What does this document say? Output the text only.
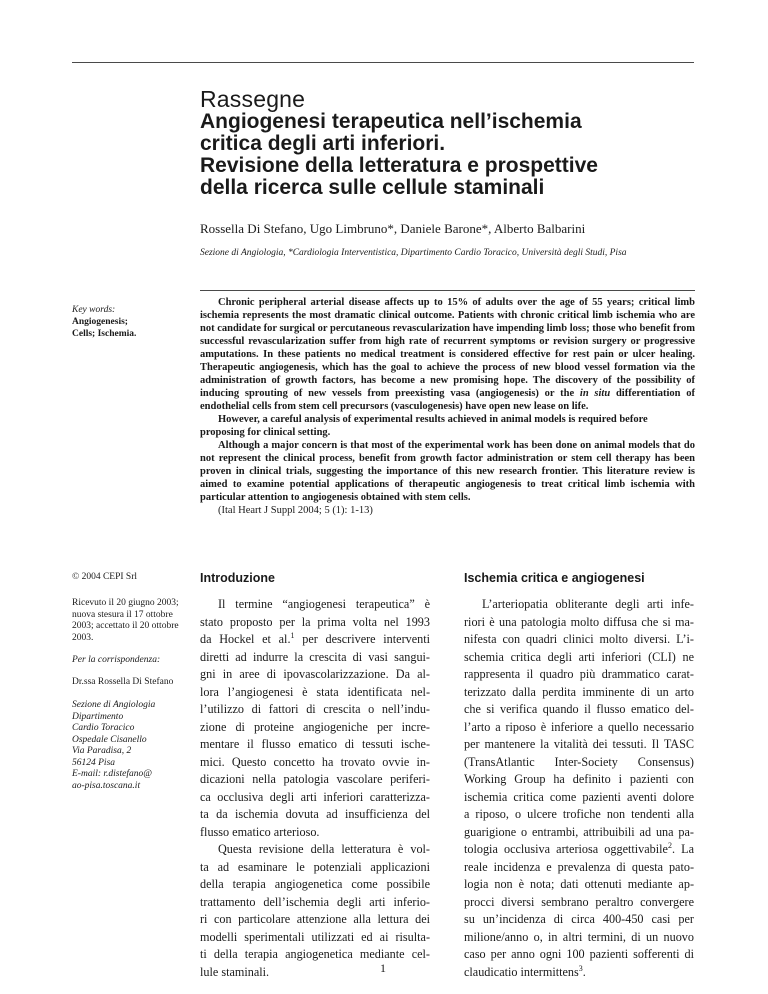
Rassegne
Angiogenesi terapeutica nell’ischemia
critica degli arti inferiori.
Revisione della letteratura e prospettive
della ricerca sulle cellule staminali
Rossella Di Stefano, Ugo Limbruno*, Daniele Barone*, Alberto Balbarini
Sezione di Angiologia, *Cardiologia Interventistica, Dipartimento Cardio Toracico, Università degli Studi, Pisa
Key words:
Angiogenesis; Cells; Ischemia.

Chronic peripheral arterial disease affects up to 15% of adults over the age of 55 years; critical limb ischemia represents the most dramatic clinical outcome. Patients with chronic critical limb ischemia who are not candidate for surgical or percutaneous revascularization have impending limb loss; those who benefit from successful revascularization suffer from high rate of recurrent symptoms or revision surgery or progressive amputations. In these patients no medical treatment is considered effective for rest pain or ulcer healing. Therapeutic angiogenesis, which has the goal to achieve the process of new blood vessel formation via the administration of growth factors, has become a new promising hope. The discovery of the possibility of inducing sprouting of new vessels from preexisting vasa (angiogenesis) or the in situ differentiation of endothelial cells from stem cell precursors (vasculogenesis) have open new lease on life.

However, a careful analysis of experimental results achieved in animal models is required before proposing for clinical setting.

Although a major concern is that most of the experimental work has been done on animal models that do not represent the clinical process, benefit from growth factor administration or stem cell therapy has been proven in clinical trials, suggesting the importance of this new research frontier. This literature review is aimed to examine potential applications of therapeutic angiogenesis to treat critical limb ischemia with particular attention to angiogenesis obtained with stem cells.

(Ital Heart J Suppl 2004; 5 (1): 1-13)

© 2004 CEPI Srl
Ricevuto il 20 giugno 2003; nuova stesura il 17 ottobre 2003; accettato il 20 ottobre 2003.
Per la corrispondenza:
Dr.ssa Rossella Di Stefano
Sezione di Angiologia
Dipartimento
Cardio Toracico
Ospedale Cisanello
Via Paradisa, 2
56124 Pisa
E-mail: r.distefano@
ao-pisa.toscana.it
Introduzione
Il termine “angiogenesi terapeutica” è
stato proposto per la prima volta nel 1993
da Hockel et al.$^1$ per descrivere interventi
diretti ad indurre la crescita di vasi sangui-
gni in aree di ipovascolarizzazione. Da al-
lora l’angiogenesi è stata identificata nel-
l’utilizzo di fattori di crescita o nell’indu-
zione di proteine angiogeniche per incre-
mentare il flusso ematico di tessuti ische-
mici. Questo concetto ha trovato ovvie in-
dicazioni nella patologia vascolare periferi-
ca occlusiva degli arti inferiori caratterizza-
ta da ischemia dovuta ad insufficienza del
flusso ematico arterioso.
Questa revisione della letteratura è vol-
ta ad esaminare le potenziali applicazioni
della terapia angiogenetica come possibile
trattamento dell’ischemia degli arti inferio-
ri con particolare attenzione alla lettura dei
modelli sperimentali utilizzati ed ai risulta-
ti della terapia angiogenetica mediante cel-
lule staminali.
Ischemia critica e angiogenesi
L’arteriopatia obliterante degli arti infe-
riori è una patologia molto diffusa che si ma-
nifesta con quadri clinici molto diversi. L’i-
schemia critica degli arti inferiori (CLI) ne
rappresenta il quadro più drammatico carat-
terizzato dalla perdita imminente di un arto
che si verifica quando il flusso ematico del-
l’arto a riposo è inferiore a quello necessario
per mantenere la vitalità dei tessuti. Il TASC
(TransAtlantic Inter-Society Consensus)
Working Group ha definito i pazienti con
ischemia critica come pazienti aventi dolore
a riposo, o ulcere trofiche non tendenti alla
guarigione o entrambi, attribuibili ad una pa-
tologia occlusiva arteriosa oggettivabile$^2$. La
reale incidenza e prevalenza di questa pato-
logia non è nota; dati ottenuti mediante ap-
procci diversi sembrano peraltro convergere
su un’incidenza di circa 400-450 casi per
milione/anno o, in altri termini, di un nuovo
caso per anno ogni 100 pazienti sofferenti di
claudicatio intermittens$^3$.
1
